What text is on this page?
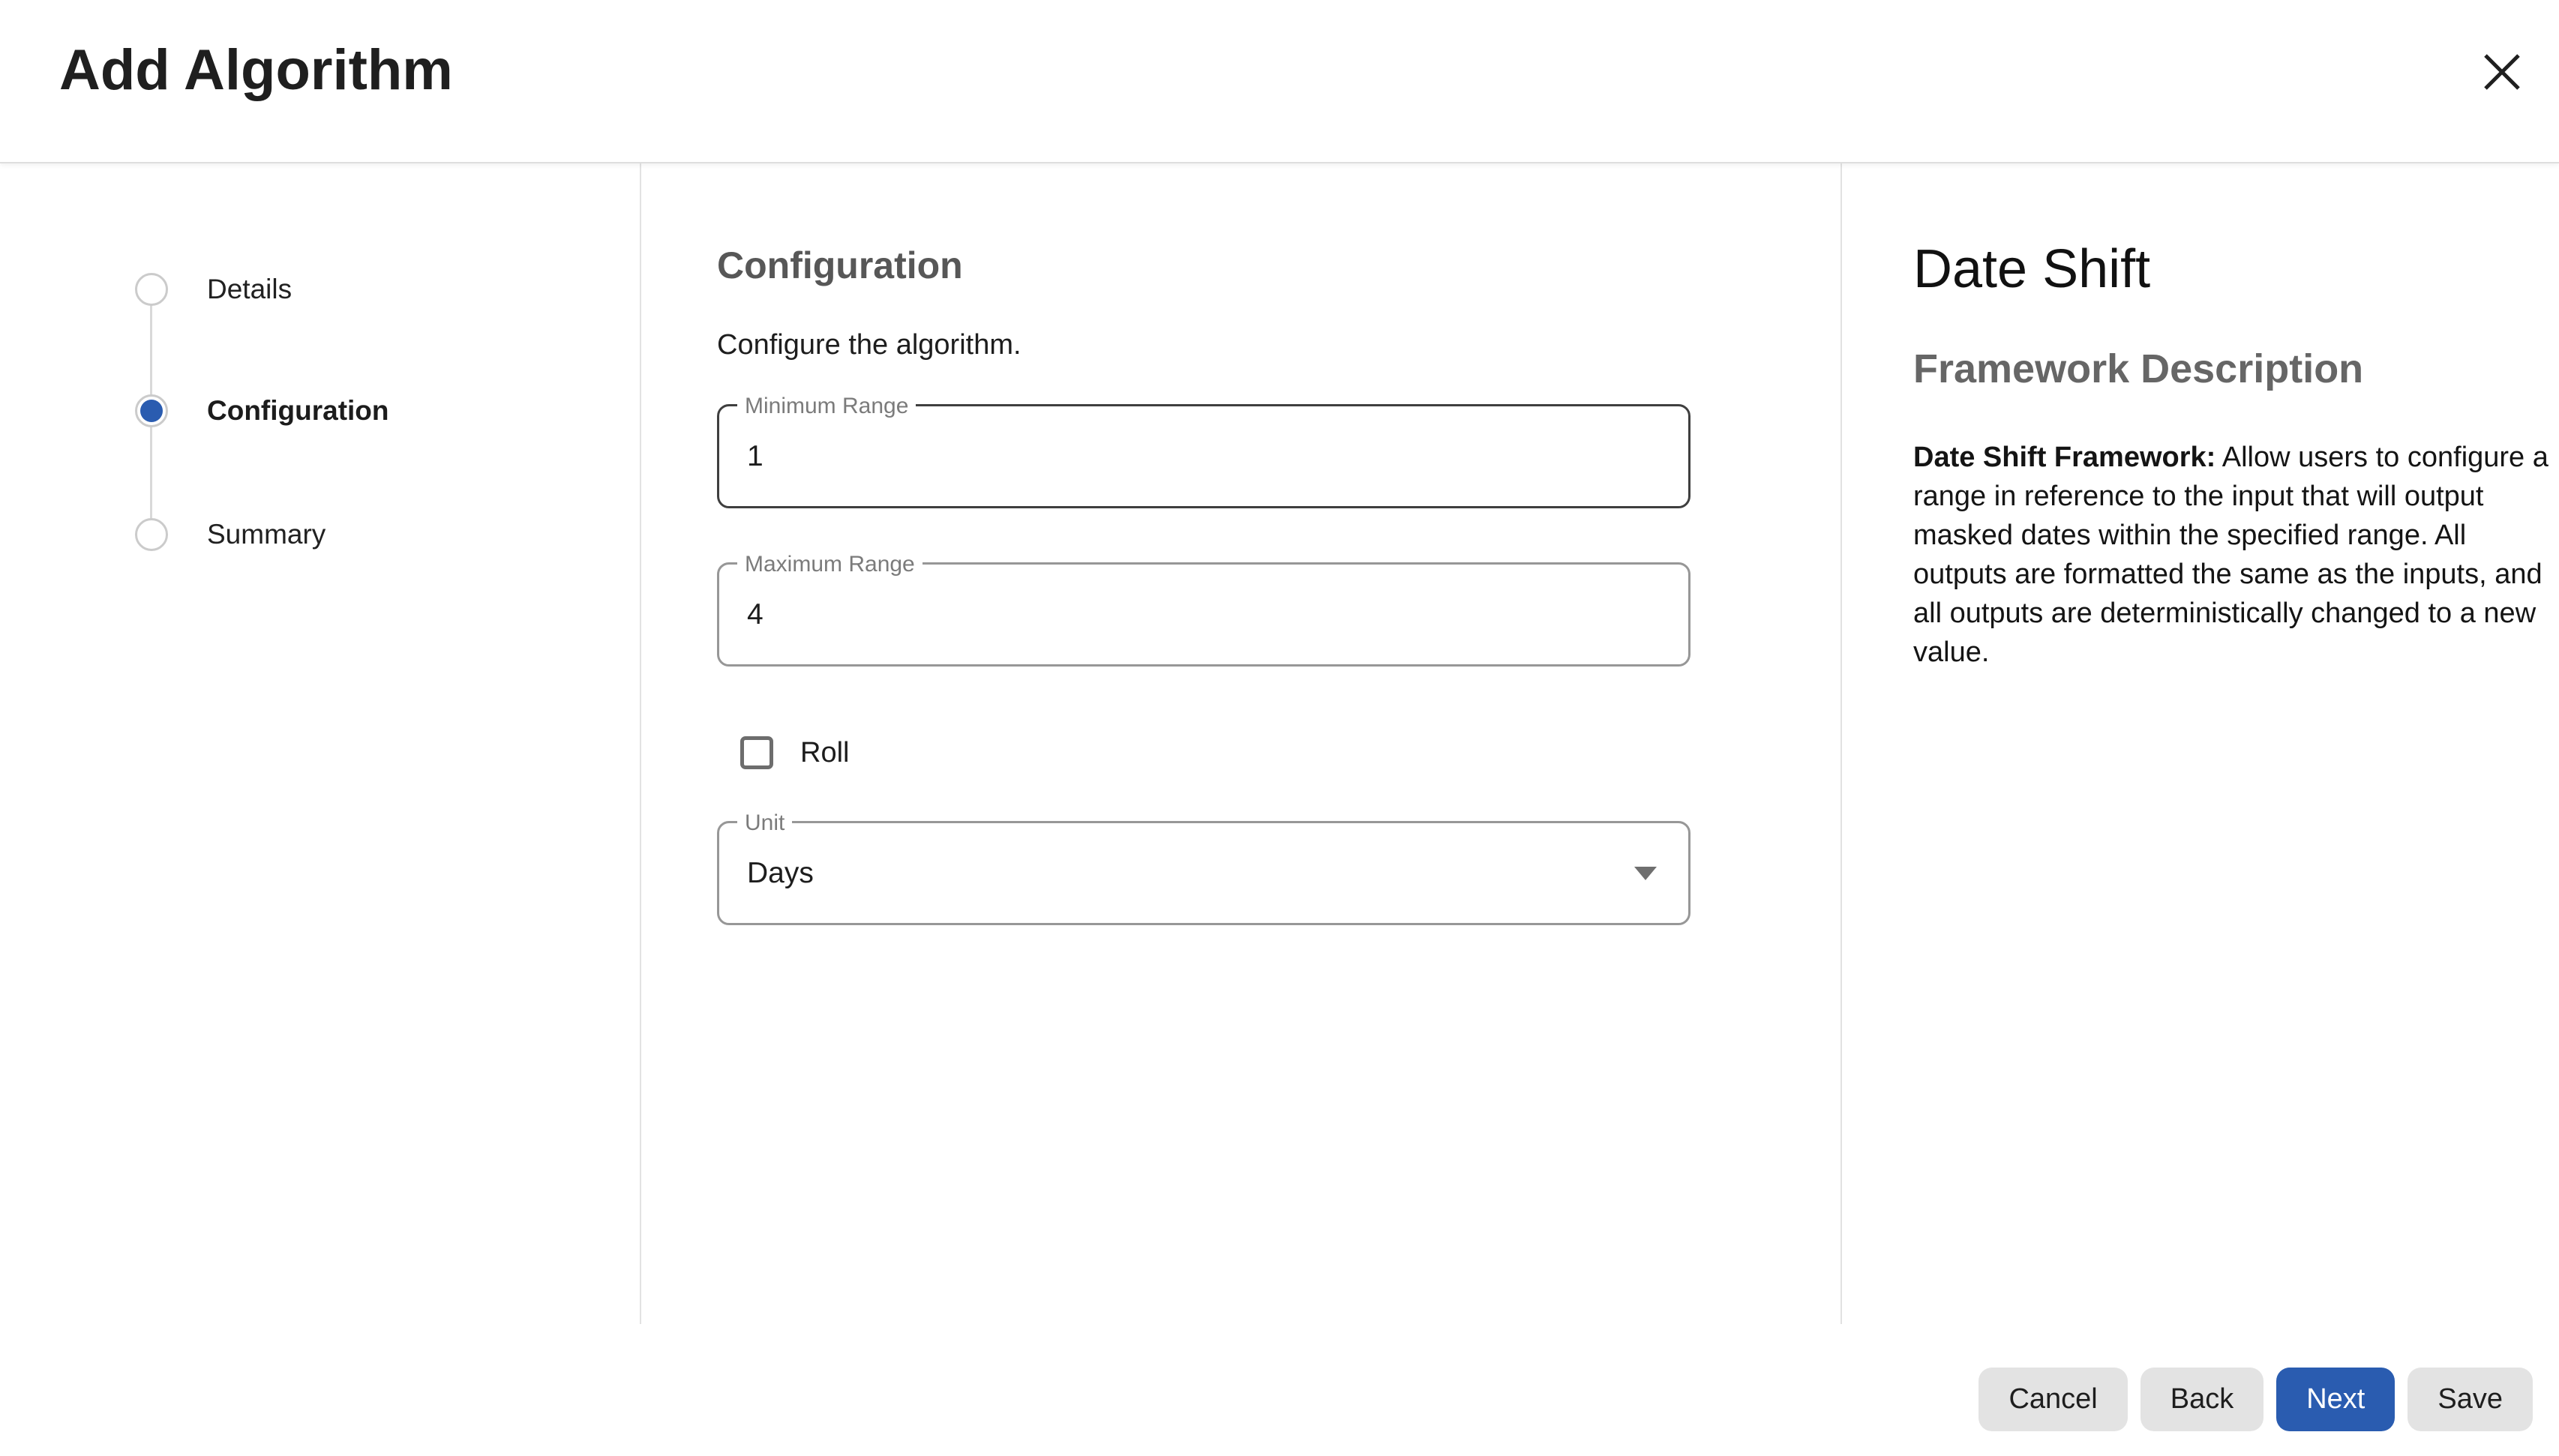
Add Algorithm
Details
Configuration
Summary
Configuration
Configure the algorithm.
Minimum Range
1
Maximum Range
4
Roll
Unit
Days
Date Shift
Framework Description
Date Shift Framework: Allow users to configure a range in reference to the input that will output masked dates within the specified range. All outputs are formatted the same as the inputs, and all outputs are deterministically changed to a new value.
Cancel	Back	Next	Save
